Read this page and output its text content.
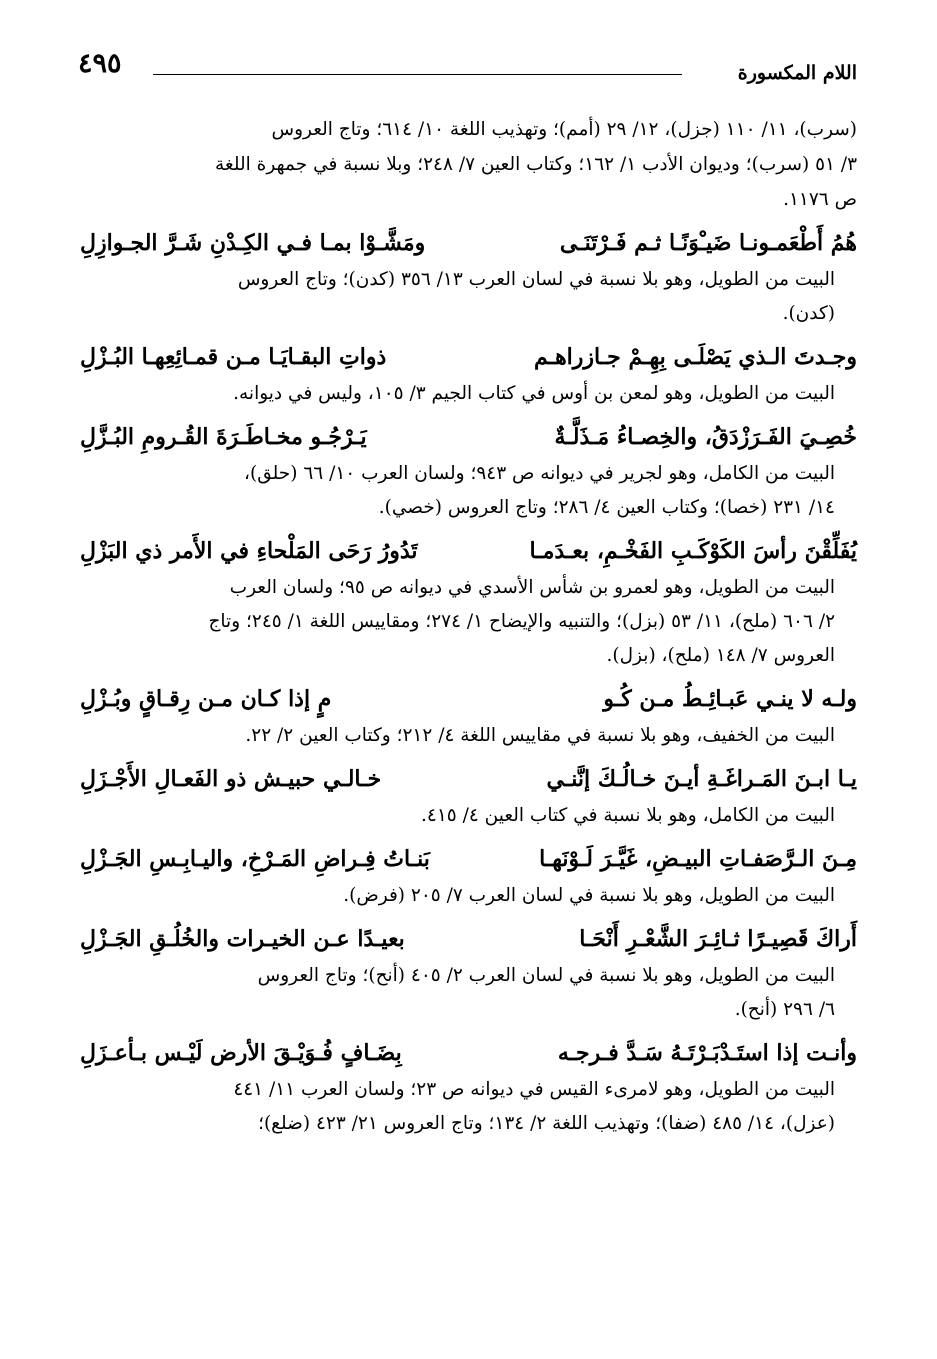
٤٩٥	اللام المكسورة

(سرب)، ١١/ ١١٠ (جزل)، ١٢/ ٢٩ (أمم)؛ وتهذيب اللغة ١٠/ ٦١٤؛ وتاج العروس
٣/ ٥١ (سرب)؛ وديوان الأدب ١/ ١٦٢؛ وكتاب العين ٧/ ٢٤٨؛ وبلا نسبة في جمهرة اللغة
ص ١١٧٦.

هُمُ أَطْعَمـونـا ضَيـْوَنًـا ثـم فَـرْتَنَـى
ومَشَّـوْا بمـا فـي الكِـدْنِ شَـرَّ الجـوازِلِ

البيت من الطويل، وهو بلا نسبة في لسان العرب ١٣/ ٣٥٦ (كدن)؛ وتاج العروس
(كدن).

وجـدتَ الـذي يَصْلَـى بِهِـمْ جـازراهـم
ذواتِ البقـايَـا مـن قمـائِعِهـا البُـزْلِ

البيت من الطويل، وهو لمعن بن أوس في كتاب الجيم ٣/ ١٠٥، وليس في ديوانه.

خُصِـيَ الفَـرَزْدَقُ، والخِصـاءُ مَـذَلَّـةٌ
يَـرْجُـو مخـاطَـرَةَ القُـرومِ البُـزَّلِ

البيت من الكامل، وهو لجرير في ديوانه ص ٩٤٣؛ ولسان العرب ١٠/ ٦٦ (حلق)،
١٤/ ٢٣١ (خصا)؛ وكتاب العين ٤/ ٢٨٦؛ وتاج العروس (خصي).

يُفَلِّقْنَ رأسَ الكَوْكَـبِ الفَخْـمِ، بعـدَمـا
تَدُورُ رَحَى المَلْحاءِ في الأَمر ذي البَزْلِ

البيت من الطويل، وهو لعمرو بن شأس الأسدي في ديوانه ص ٩٥؛ ولسان العرب
٢/ ٦٠٦ (ملح)، ١١/ ٥٣ (بزل)؛ والتنبيه والإيضاح ١/ ٢٧٤؛ ومقاييس اللغة ١/ ٢٤٥؛ وتاج
العروس ٧/ ١٤٨ (ملح)، (بزل).

ولـه لا ينـي عَبـائِـطُ مـن كُـو
مٍ إذا كـان مـن رِقـاقٍ وبُـزْلِ

البيت من الخفيف، وهو بلا نسبة في مقاييس اللغة ٤/ ٢١٢؛ وكتاب العين ٢/ ٢٢.

يـا ابـنَ المَـراغَـةِ أيـنَ خـالُـكَ إنَّنـي
خـالـي حبيـش ذو الفَعـالِ الأَجْـزَلِ

البيت من الكامل، وهو بلا نسبة في كتاب العين ٤/ ٤١٥.

مِـنَ الـرَّصَفـاتِ البيـضِ، غَيَّـرَ لَـوْنَهـا
بَنـاتُ فِـراضِ المَـرْخِ، واليـابِـسِ الجَـزْلِ

البيت من الطويل، وهو بلا نسبة في لسان العرب ٧/ ٢٠٥ (فرض).

أَراكَ قَصِيـرًا ثـائِـرَ الشَّعْـرِ أَنْحَـا
بعيـدًا عـن الخيـرات والخُلُـقِ الجَـزْلِ

البيت من الطويل، وهو بلا نسبة في لسان العرب ٢/ ٤٠٥ (أنح)؛ وتاج العروس
٦/ ٢٩٦ (أنح).

وأنـت إذا استَـدْبَـرْتَـهُ سَـدَّ فـرجـه
بِضَـافٍ فُـوَيْـقَ الأرض لَيْـس بـأعـزَلِ

البيت من الطويل، وهو لامرىء القيس في ديوانه ص ٢٣؛ ولسان العرب ١١/ ٤٤١
(عزل)، ١٤/ ٤٨٥ (ضفا)؛ وتهذيب اللغة ٢/ ١٣٤؛ وتاج العروس ٢١/ ٤٢٣ (ضلع)؛
